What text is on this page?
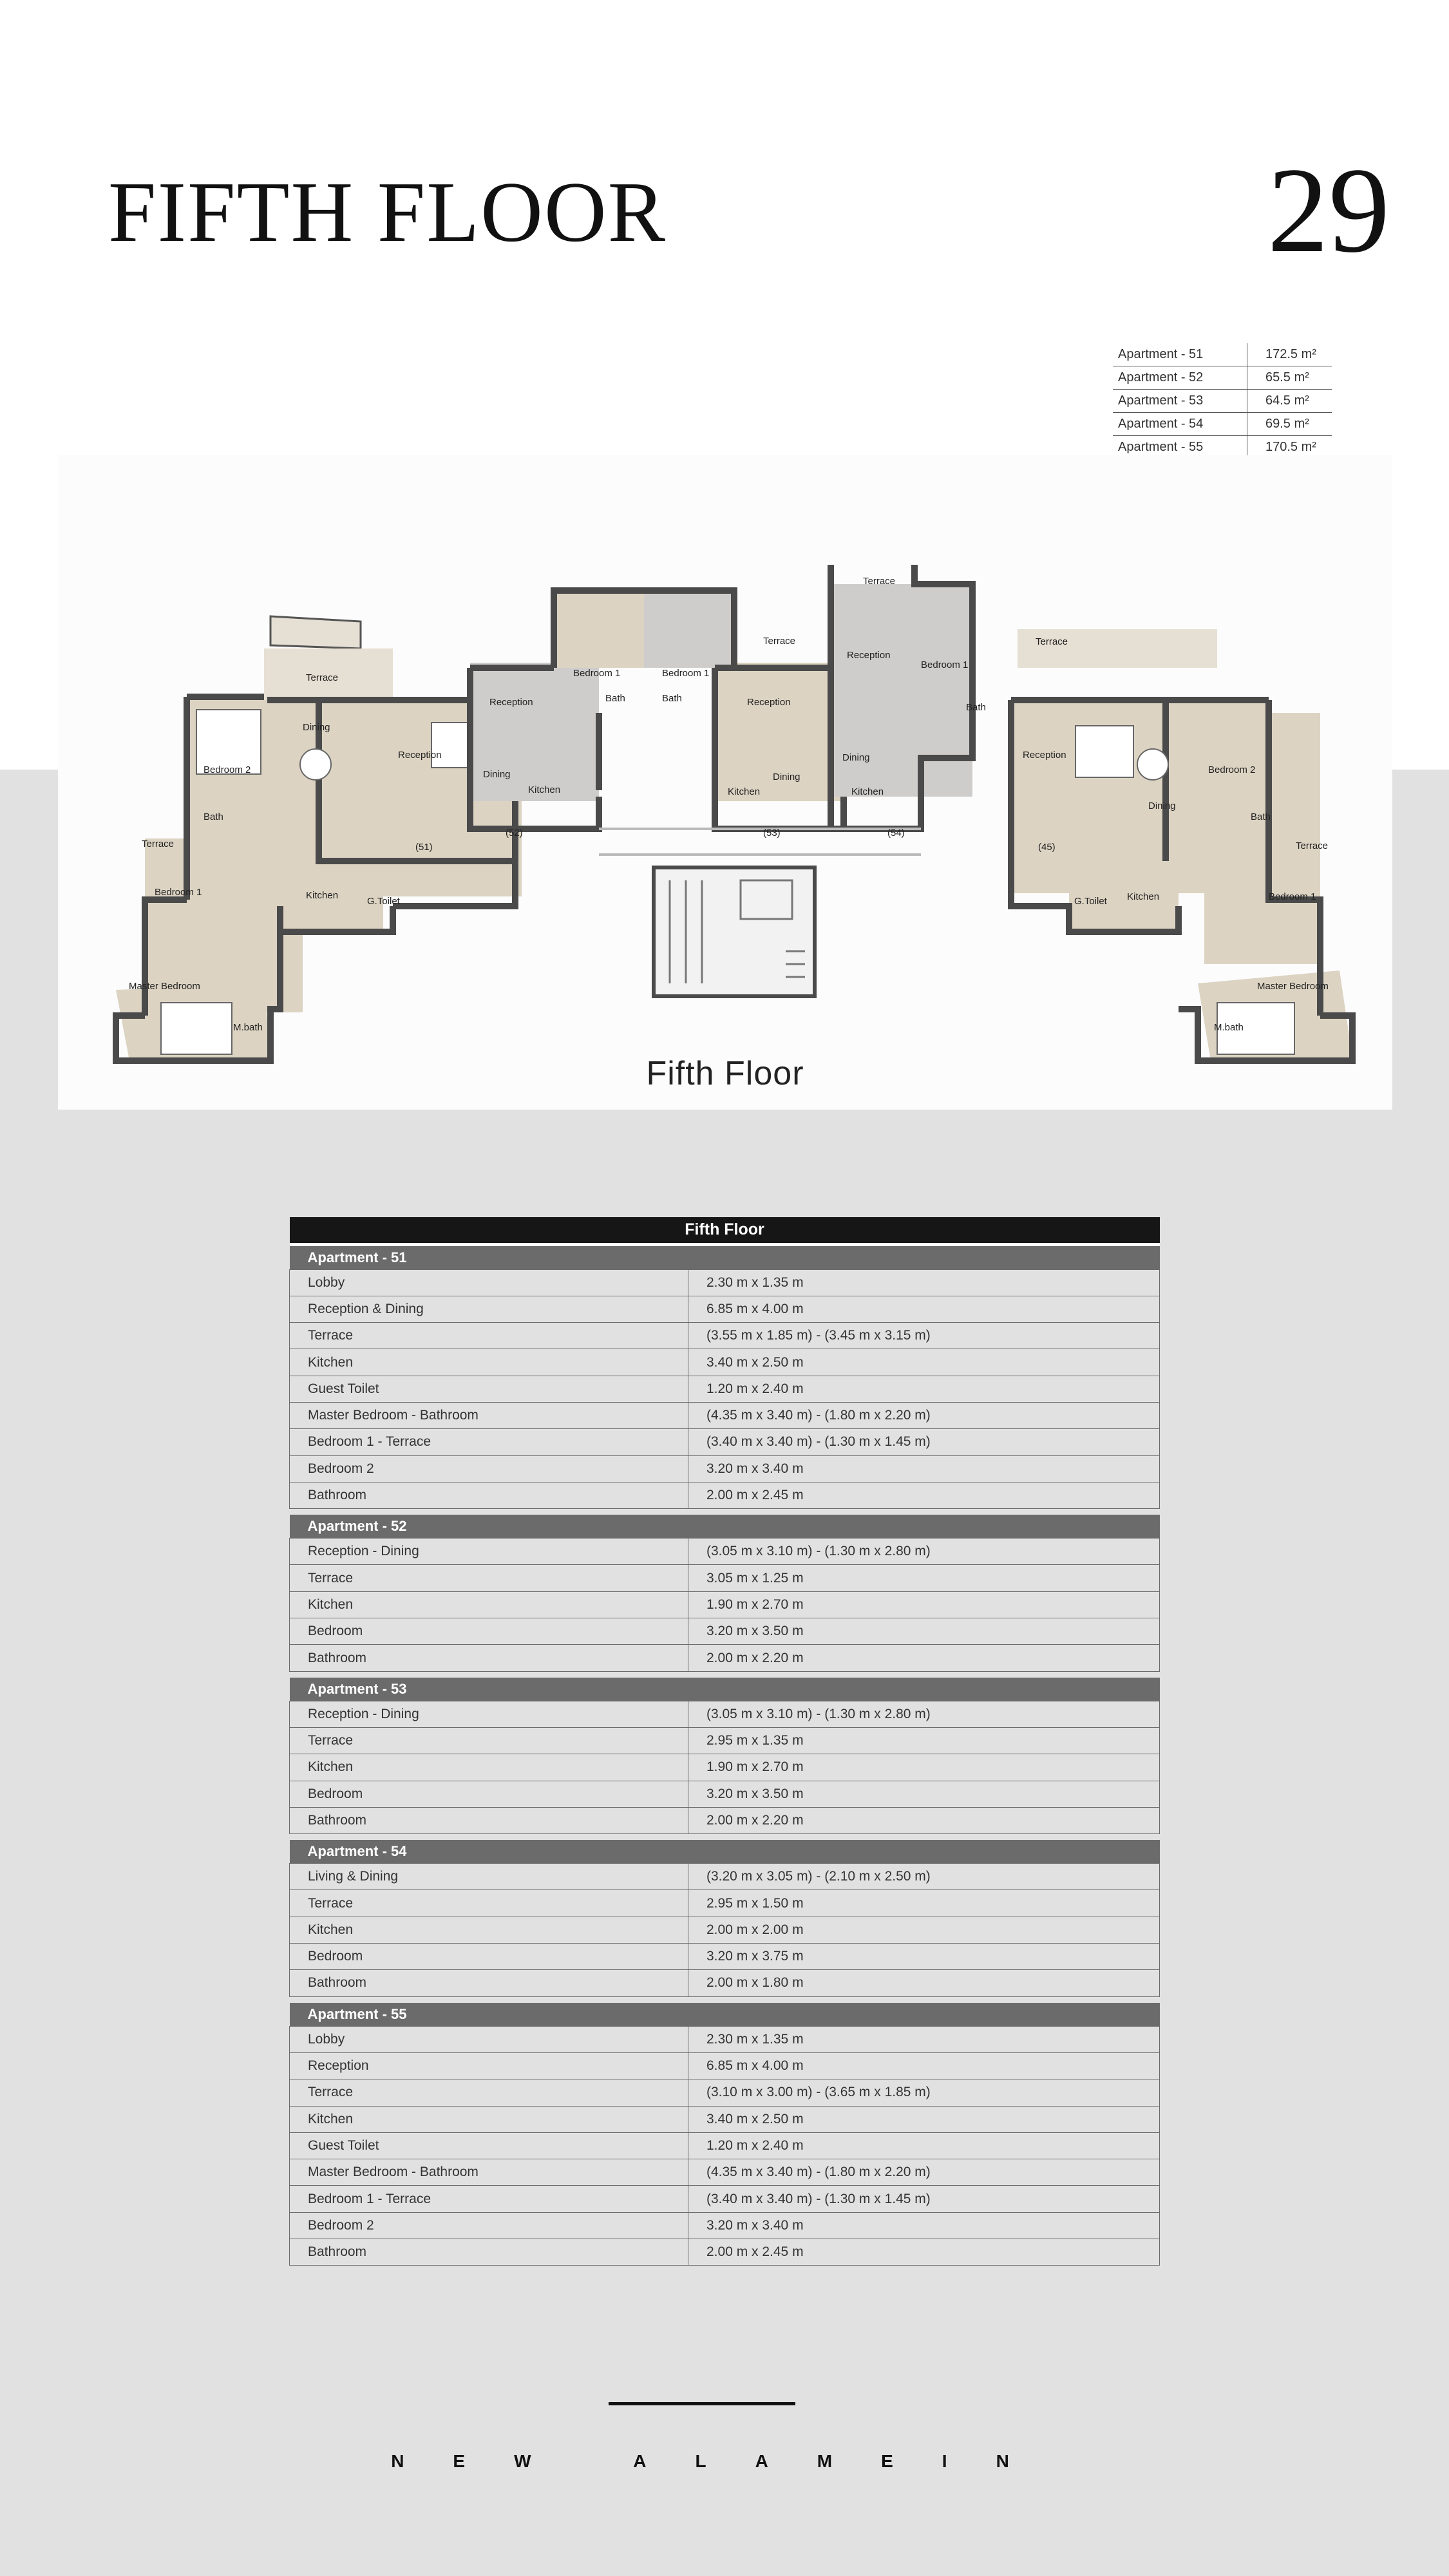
FIFTH FLOOR	29
Apartment - 51	172.5 m²
Apartment - 52	65.5 m²
Apartment - 53	64.5 m²
Apartment - 54	69.5 m²
Apartment - 55	170.5 m²
Terrace
Dining
Bedroom 2
Reception
Bath
Terrace
Bedroom 1	Kitchen
G.Toilet
Master Bedroom
M.bath
Reception
Bedroom 1
Bath
Dining
Kitchen
Bedroom 1
Bath
Terrace
Reception
Dining
Kitchen
Terrace
Reception
Bedroom 1
Bath
Dining
Kitchen
Terrace
Reception
Dining
Bedroom 2
Bath
Terrace
Kitchen
G.Toilet	Bedroom 1
Master Bedroom
M.bath
(51)
(52)	(53)	(54)
(45)
Fifth Floor
Fifth Floor	
Apartment - 51	
Lobby	2.30 m x 1.35 m
Reception & Dining	6.85 m x 4.00 m
Terrace	(3.55 m x 1.85 m) - (3.45 m x 3.15 m)
Kitchen	3.40 m x 2.50 m
Guest Toilet	1.20 m x 2.40 m
Master Bedroom - Bathroom	(4.35 m x 3.40 m) - (1.80 m x 2.20 m)
Bedroom 1 - Terrace	(3.40 m x 3.40 m) - (1.30 m x 1.45 m)
Bedroom 2	3.20 m x 3.40 m
Bathroom	2.00 m x 2.45 m

Apartment - 52	
Reception - Dining	(3.05 m x 3.10 m) - (1.30 m x 2.80 m)
Terrace	3.05 m x 1.25 m
Kitchen	1.90 m x 2.70 m
Bedroom	3.20 m x 3.50 m
Bathroom	2.00 m x 2.20 m

Apartment - 53	
Reception - Dining	(3.05 m x 3.10 m) - (1.30 m x 2.80 m)
Terrace	2.95 m x 1.35 m
Kitchen	1.90 m x 2.70 m
Bedroom	3.20 m x 3.50 m
Bathroom	2.00 m x 2.20 m

Apartment - 54	
Living & Dining	(3.20 m x 3.05 m) - (2.10 m x 2.50 m)
Terrace	2.95 m x 1.50 m
Kitchen	2.00 m x 2.00 m
Bedroom	3.20 m x 3.75 m
Bathroom	2.00 m x 1.80 m

Apartment - 55	
Lobby	2.30 m x 1.35 m
Reception	6.85 m x 4.00 m
Terrace	(3.10 m x 3.00 m) - (3.65 m x 1.85 m)
Kitchen	3.40 m x 2.50 m
Guest Toilet	1.20 m x 2.40 m
Master Bedroom - Bathroom	(4.35 m x 3.40 m) - (1.80 m x 2.20 m)
Bedroom 1 - Terrace	(3.40 m x 3.40 m) - (1.30 m x 1.45 m)
Bedroom 2	3.20 m x 3.40 m
Bathroom	2.00 m x 2.45 m
NEW ALAMEIN
